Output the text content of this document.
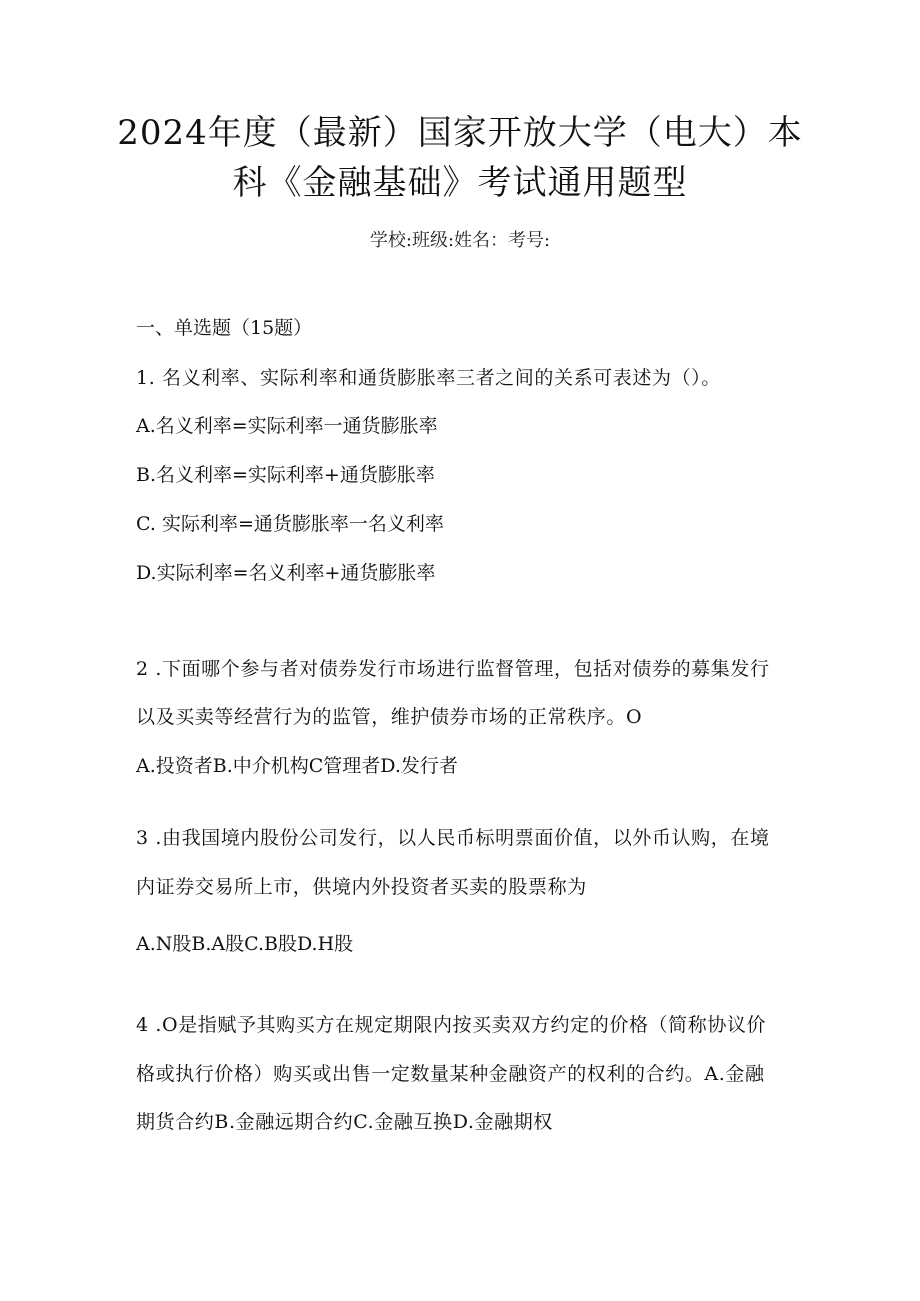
2024年度（最新）国家开放大学（电大）本
科《金融基础》考试通用题型
学校:班级:姓名：考号:
一、单选题（15题）
1. 名义利率、实际利率和通货膨胀率三者之间的关系可表述为（）。
A.名义利率=实际利率一通货膨胀率
B.名义利率=实际利率+通货膨胀率
C. 实际利率=通货膨胀率一名义利率
D.实际利率=名义利率+通货膨胀率
2 .下面哪个参与者对债券发行市场进行监督管理，包括对债券的募集发行
以及买卖等经营行为的监管，维护债券市场的正常秩序。O
A.投资者B.中介机构C管理者D.发行者
3 .由我国境内股份公司发行，以人民币标明票面价值，以外币认购，在境
内证券交易所上市，供境内外投资者买卖的股票称为
A.N股B.A股C.B股D.H股
4 .O是指赋予其购买方在规定期限内按买卖双方约定的价格（简称协议价
格或执行价格）购买或出售一定数量某种金融资产的权利的合约。A.金融
期货合约B.金融远期合约C.金融互换D.金融期权
